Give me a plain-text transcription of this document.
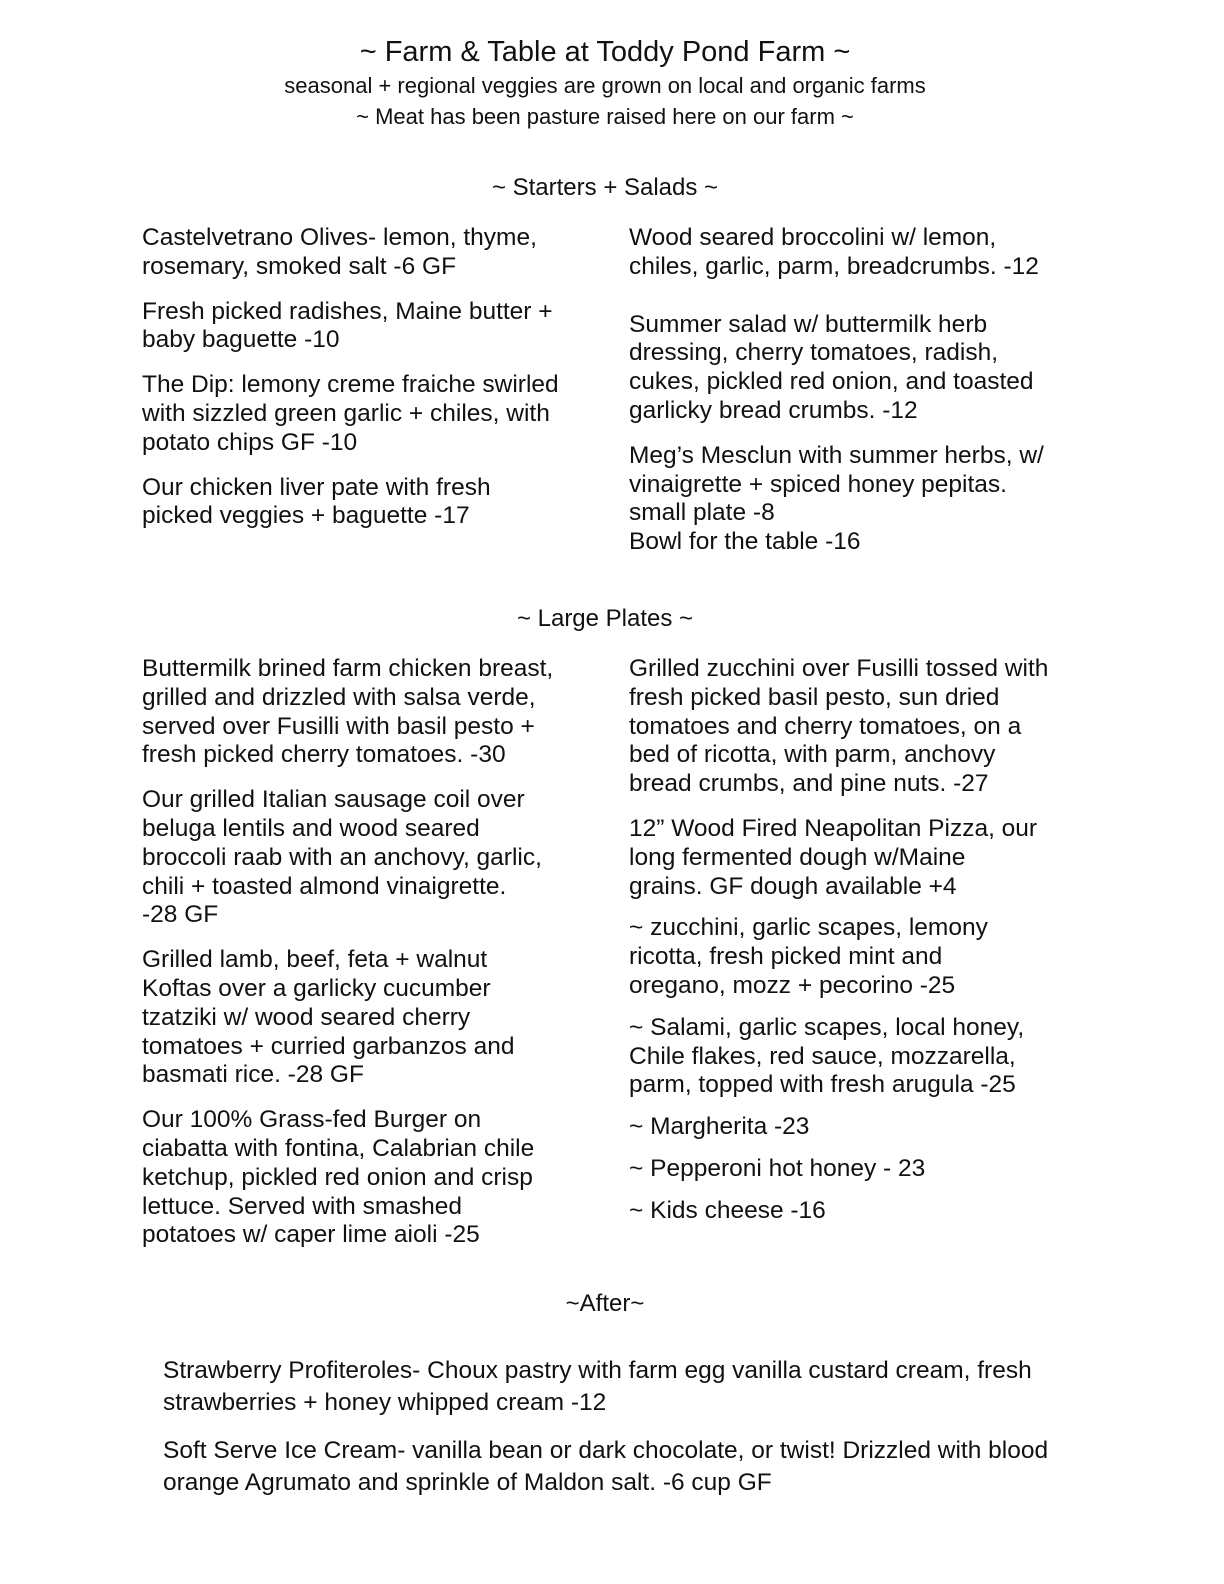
~ Farm & Table at Toddy Pond Farm ~
seasonal + regional veggies are grown on local and organic farms
~ Meat has been pasture raised here on our farm ~
~ Starters + Salads ~
Castelvetrano Olives- lemon, thyme,
rosemary, smoked salt -6 GF
Fresh picked radishes, Maine butter +
baby baguette -10
The Dip: lemony creme fraiche swirled
with sizzled green garlic + chiles, with
potato chips GF -10
Our chicken liver pate with fresh
picked veggies + baguette -17
Wood seared broccolini w/ lemon,
chiles, garlic, parm, breadcrumbs. -12
Summer salad w/ buttermilk herb
dressing, cherry tomatoes, radish,
cukes, pickled red onion, and toasted
garlicky bread crumbs. -12
Meg’s Mesclun with summer herbs, w/
vinaigrette + spiced honey pepitas.
small plate -8
Bowl for the table -16
~ Large Plates ~
Buttermilk brined farm chicken breast,
grilled and drizzled with salsa verde,
served over Fusilli with basil pesto +
fresh picked cherry tomatoes. -30
Our grilled Italian sausage coil over
beluga lentils and wood seared
broccoli raab with an anchovy, garlic,
chili + toasted almond vinaigrette.
-28 GF
Grilled lamb, beef, feta + walnut
Koftas over a garlicky cucumber
tzatziki w/ wood seared cherry
tomatoes + curried garbanzos and
basmati rice. -28 GF
Our 100% Grass-fed Burger on
ciabatta with fontina, Calabrian chile
ketchup, pickled red onion and crisp
lettuce. Served with smashed
potatoes w/ caper lime aioli -25
Grilled zucchini over Fusilli tossed with
fresh picked basil pesto, sun dried
tomatoes and cherry tomatoes, on a
bed of ricotta, with parm, anchovy
bread crumbs, and pine nuts. -27
12” Wood Fired Neapolitan Pizza, our
long fermented dough w/Maine
grains. GF dough available +4
~ zucchini, garlic scapes, lemony
ricotta, fresh picked mint and
oregano, mozz + pecorino -25
~ Salami, garlic scapes, local honey,
Chile flakes, red sauce, mozzarella,
parm, topped with fresh arugula -25
~ Margherita -23
~ Pepperoni hot honey - 23
~ Kids cheese -16
~After~
Strawberry Profiteroles- Choux pastry with farm egg vanilla custard cream, fresh
strawberries + honey whipped cream -12
Soft Serve Ice Cream- vanilla bean or dark chocolate, or twist! Drizzled with blood
orange Agrumato and sprinkle of Maldon salt. -6 cup GF
